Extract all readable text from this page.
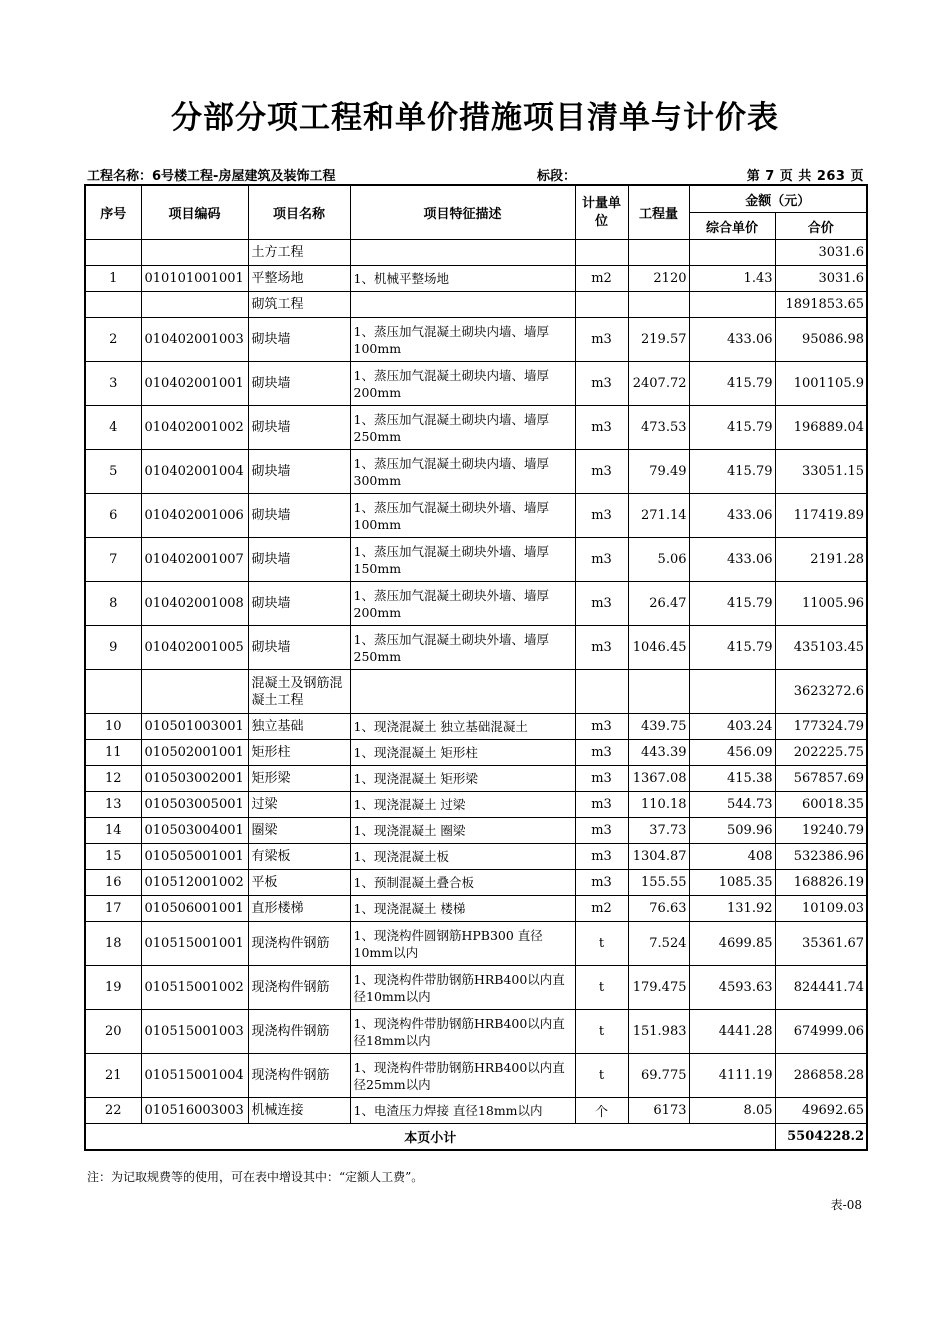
分部分项工程和单价措施项目清单与计价表
工程名称：6号楼工程-房屋建筑及装饰工程	标段：	第 7 页 共 263 页
序号	项目编码	项目名称	项目特征描述	计量单位	工程量	金额（元）	
						综合单价	合价
		土方工程					3031.6
1	010101001001	平整场地	1、机械平整场地	m2	2120	1.43	3031.6
		砌筑工程					1891853.65
2	010402001003	砌块墙	1、蒸压加气混凝土砌块内墙、墙厚100mm	m3	219.57	433.06	95086.98
3	010402001001	砌块墙	1、蒸压加气混凝土砌块内墙、墙厚200mm	m3	2407.72	415.79	1001105.9
4	010402001002	砌块墙	1、蒸压加气混凝土砌块内墙、墙厚250mm	m3	473.53	415.79	196889.04
5	010402001004	砌块墙	1、蒸压加气混凝土砌块内墙、墙厚300mm	m3	79.49	415.79	33051.15
6	010402001006	砌块墙	1、蒸压加气混凝土砌块外墙、墙厚100mm	m3	271.14	433.06	117419.89
7	010402001007	砌块墙	1、蒸压加气混凝土砌块外墙、墙厚150mm	m3	5.06	433.06	2191.28
8	010402001008	砌块墙	1、蒸压加气混凝土砌块外墙、墙厚200mm	m3	26.47	415.79	11005.96
9	010402001005	砌块墙	1、蒸压加气混凝土砌块外墙、墙厚250mm	m3	1046.45	415.79	435103.45
		混凝土及钢筋混凝土工程					3623272.6
10	010501003001	独立基础	1、现浇混凝土 独立基础混凝土	m3	439.75	403.24	177324.79
11	010502001001	矩形柱	1、现浇混凝土 矩形柱	m3	443.39	456.09	202225.75
12	010503002001	矩形梁	1、现浇混凝土 矩形梁	m3	1367.08	415.38	567857.69
13	010503005001	过梁	1、现浇混凝土 过梁	m3	110.18	544.73	60018.35
14	010503004001	圈梁	1、现浇混凝土 圈梁	m3	37.73	509.96	19240.79
15	010505001001	有梁板	1、现浇混凝土板	m3	1304.87	408	532386.96
16	010512001002	平板	1、预制混凝土叠合板	m3	155.55	1085.35	168826.19
17	010506001001	直形楼梯	1、现浇混凝土 楼梯	m2	76.63	131.92	10109.03
18	010515001001	现浇构件钢筋	1、现浇构件圆钢筋HPB300 直径10mm以内	t	7.524	4699.85	35361.67
19	010515001002	现浇构件钢筋	1、现浇构件带肋钢筋HRB400以内直径10mm以内	t	179.475	4593.63	824441.74
20	010515001003	现浇构件钢筋	1、现浇构件带肋钢筋HRB400以内直径18mm以内	t	151.983	4441.28	674999.06
21	010515001004	现浇构件钢筋	1、现浇构件带肋钢筋HRB400以内直径25mm以内	t	69.775	4111.19	286858.28
22	010516003003	机械连接	1、电渣压力焊接 直径18mm以内	个	6173	8.05	49692.65
本页小计							5504228.2
注：为记取规费等的使用，可在表中增设其中：“定额人工费”。
表-08
